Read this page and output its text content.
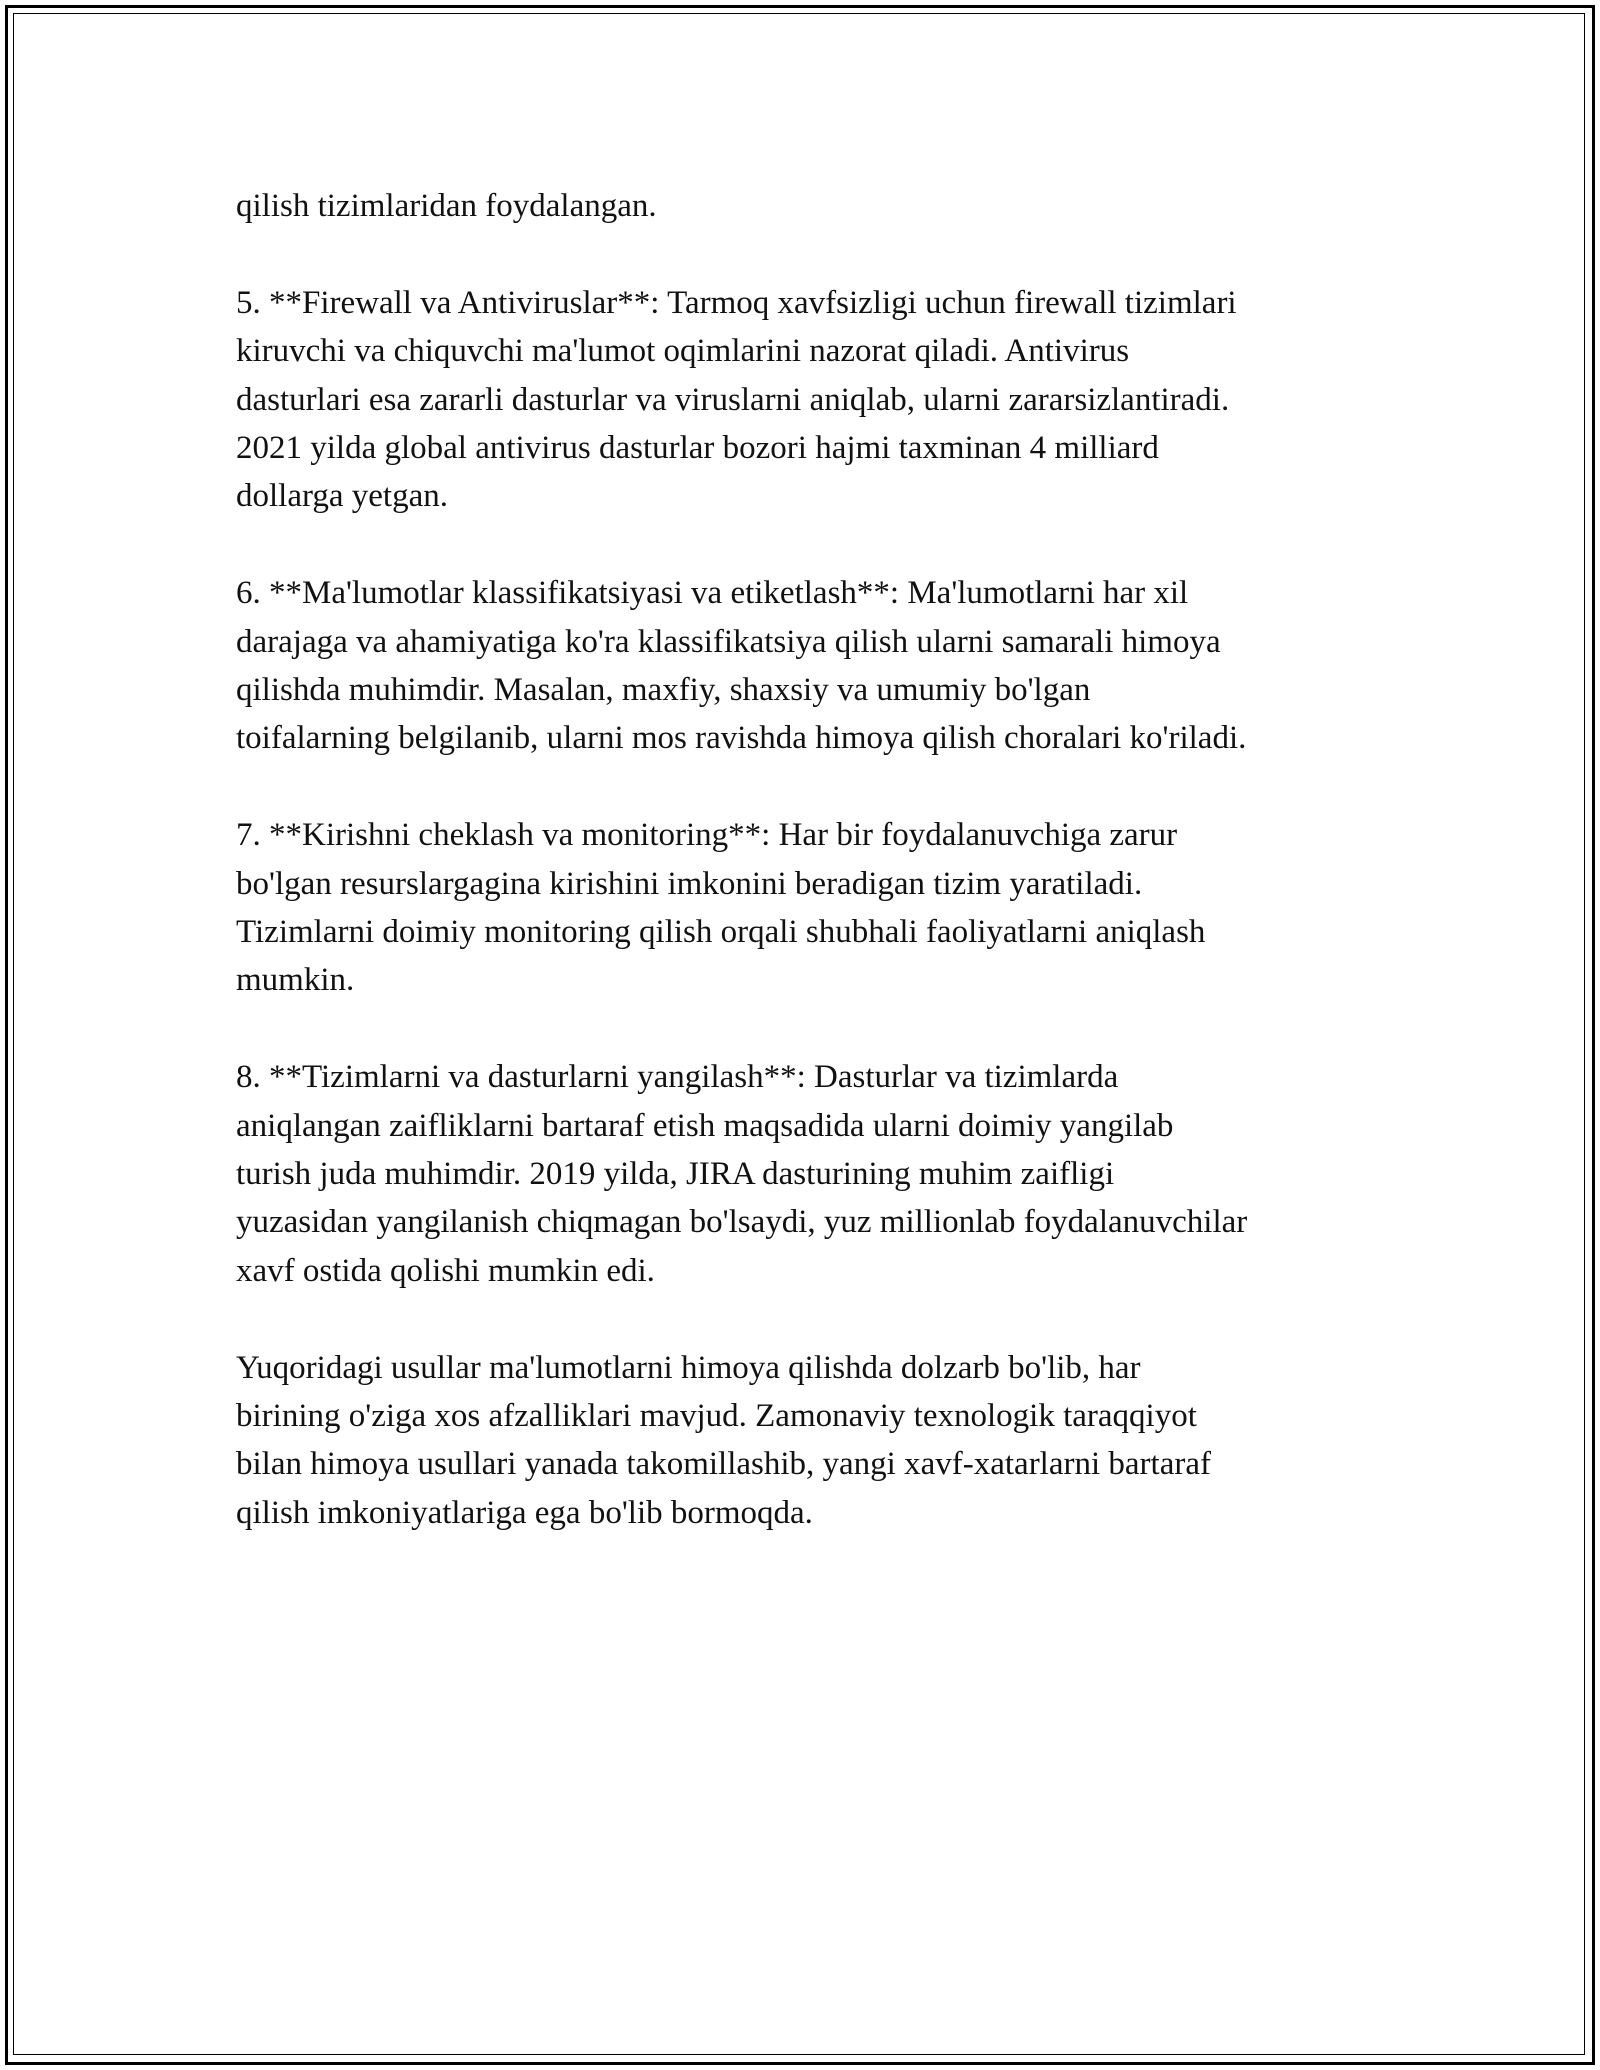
qilish tizimlaridan foydalangan.

5. **Firewall va Antiviruslar**: Tarmoq xavfsizligi uchun firewall tizimlari
kiruvchi va chiquvchi ma'lumot oqimlarini nazorat qiladi. Antivirus
dasturlari esa zararli dasturlar va viruslarni aniqlab, ularni zararsizlantiradi.
2021 yilda global antivirus dasturlar bozori hajmi taxminan 4 milliard
dollarga yetgan.

6. **Ma'lumotlar klassifikatsiyasi va etiketlash**: Ma'lumotlarni har xil
darajaga va ahamiyatiga ko'ra klassifikatsiya qilish ularni samarali himoya
qilishda muhimdir. Masalan, maxfiy, shaxsiy va umumiy bo'lgan
toifalarning belgilanib, ularni mos ravishda himoya qilish choralari ko'riladi.

7. **Kirishni cheklash va monitoring**: Har bir foydalanuvchiga zarur
bo'lgan resurslargagina kirishini imkonini beradigan tizim yaratiladi.
Tizimlarni doimiy monitoring qilish orqali shubhali faoliyatlarni aniqlash
mumkin.

8. **Tizimlarni va dasturlarni yangilash**: Dasturlar va tizimlarda
aniqlangan zaifliklarni bartaraf etish maqsadida ularni doimiy yangilab
turish juda muhimdir. 2019 yilda, JIRA dasturining muhim zaifligi
yuzasidan yangilanish chiqmagan bo'lsaydi, yuz millionlab foydalanuvchilar
xavf ostida qolishi mumkin edi.

Yuqoridagi usullar ma'lumotlarni himoya qilishda dolzarb bo'lib, har
birining o'ziga xos afzalliklari mavjud. Zamonaviy texnologik taraqqiyot
bilan himoya usullari yanada takomillashib, yangi xavf-xatarlarni bartaraf
qilish imkoniyatlariga ega bo'lib bormoqda.
